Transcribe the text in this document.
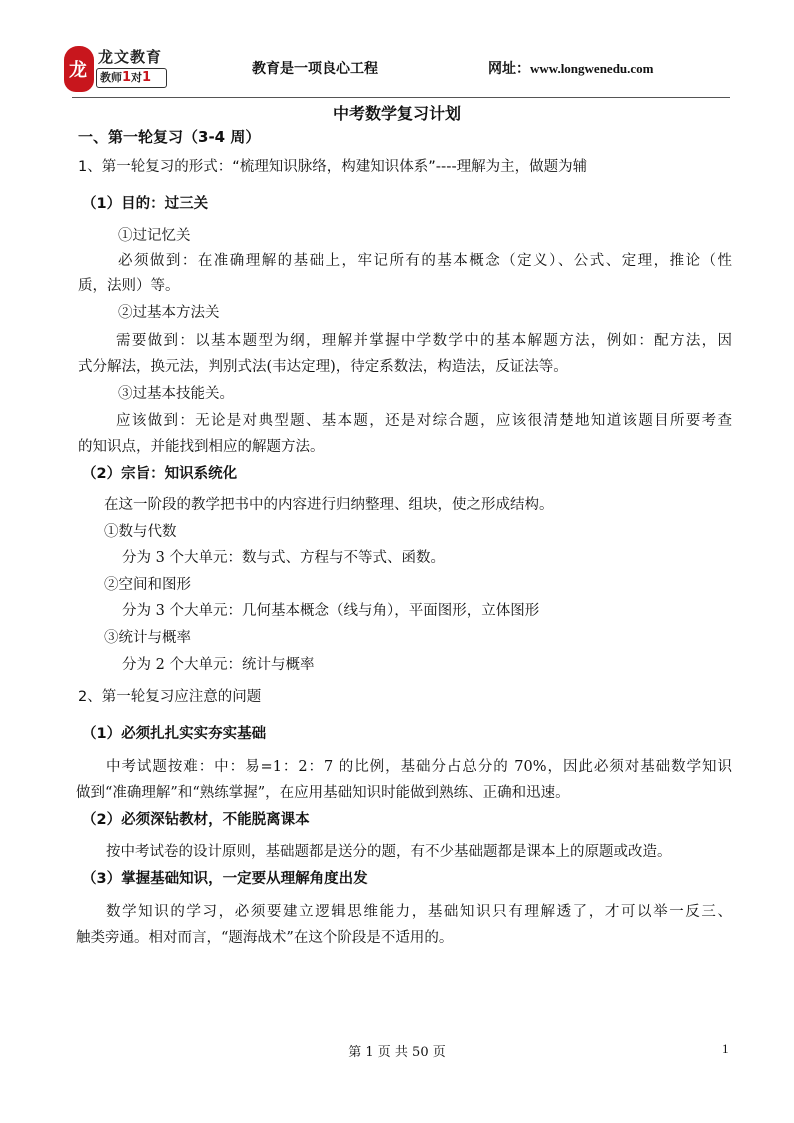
龙
龙文教育
教师1对1
教育是一项良心工程	网址：www.longwenedu.com
中考数学复习计划
一、第一轮复习（3-4 周）
1、第一轮复习的形式：“梳理知识脉络，构建知识体系”----理解为主，做题为辅
（1）目的：过三关
①过记忆关
必须做到：在准确理解的基础上，牢记所有的基本概念（定义）、公式、定理，推论（性
质，法则）等。
②过基本方法关
需要做到：以基本题型为纲，理解并掌握中学数学中的基本解题方法，例如：配方法，因
式分解法，换元法，判别式法(韦达定理)，待定系数法，构造法，反证法等。
③过基本技能关。
应该做到：无论是对典型题、基本题，还是对综合题，应该很清楚地知道该题目所要考查
的知识点，并能找到相应的解题方法。
（2）宗旨：知识系统化
在这一阶段的教学把书中的内容进行归纳整理、组块，使之形成结构。
①数与代数
分为 3 个大单元：数与式、方程与不等式、函数。
②空间和图形
分为 3 个大单元：几何基本概念（线与角），平面图形，立体图形
③统计与概率
分为 2 个大单元：统计与概率
2、第一轮复习应注意的问题
（1）必须扎扎实实夯实基础
中考试题按难：中：易=1：2：7 的比例，基础分占总分的 70%，因此必须对基础数学知识
做到“准确理解”和“熟练掌握”，在应用基础知识时能做到熟练、正确和迅速。
（2）必须深钻教材，不能脱离课本
按中考试卷的设计原则，基础题都是送分的题，有不少基础题都是课本上的原题或改造。
（3）掌握基础知识，一定要从理解角度出发
数学知识的学习，必须要建立逻辑思维能力，基础知识只有理解透了，才可以举一反三、
触类旁通。相对而言，“题海战术”在这个阶段是不适用的。
第 1 页 共 50 页	1
